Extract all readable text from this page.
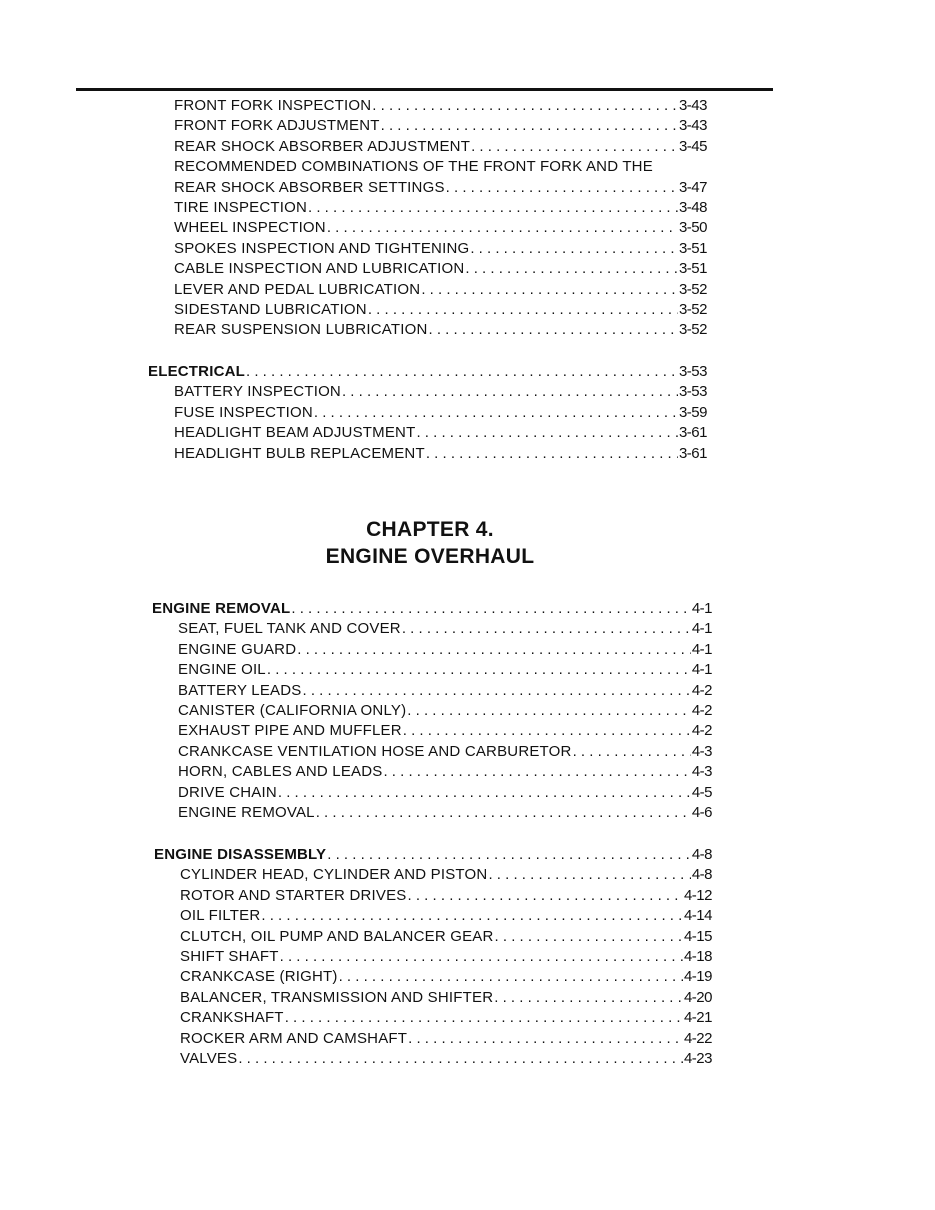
FRONT FORK INSPECTION . . .	3-43
FRONT FORK ADJUSTMENT . . .	3-43
REAR SHOCK ABSORBER ADJUSTMENT . . .	3-45
RECOMMENDED COMBINATIONS OF THE FRONT FORK AND THE
REAR SHOCK ABSORBER SETTINGS . . .	3-47
TIRE INSPECTION . . .	3-48
WHEEL INSPECTION . . .	3-50
SPOKES INSPECTION AND TIGHTENING . . .	3-51
CABLE INSPECTION AND LUBRICATION . . .	3-51
LEVER AND PEDAL LUBRICATION . . .	3-52
SIDESTAND LUBRICATION . . .	3-52
REAR SUSPENSION LUBRICATION . . .	3-52
ELECTRICAL . . .	3-53
BATTERY INSPECTION . . .	3-53
FUSE INSPECTION . . .	3-59
HEADLIGHT BEAM ADJUSTMENT . . .	3-61
HEADLIGHT BULB REPLACEMENT . . .	3-61
CHAPTER 4.
ENGINE OVERHAUL
ENGINE REMOVAL . . .	4-1
SEAT, FUEL TANK AND COVER . . .	4-1
ENGINE GUARD . . .	4-1
ENGINE OIL . . .	4-1
BATTERY LEADS . . .	4-2
CANISTER (CALIFORNIA ONLY) . . .	4-2
EXHAUST PIPE AND MUFFLER . . .	4-2
CRANKCASE VENTILATION HOSE AND CARBURETOR . . .	4-3
HORN, CABLES AND LEADS . . .	4-3
DRIVE CHAIN . . .	4-5
ENGINE REMOVAL . . .	4-6
ENGINE DISASSEMBLY . . .	4-8
CYLINDER HEAD, CYLINDER AND PISTON . . .	4-8
ROTOR AND STARTER DRIVES . . .	4-12
OIL FILTER . . .	4-14
CLUTCH, OIL PUMP AND BALANCER GEAR . . .	4-15
SHIFT SHAFT . . .	4-18
CRANKCASE (RIGHT) . . .	4-19
BALANCER, TRANSMISSION AND SHIFTER . . .	4-20
CRANKSHAFT . . .	4-21
ROCKER ARM AND CAMSHAFT . . .	4-22
VALVES . . .	4-23
